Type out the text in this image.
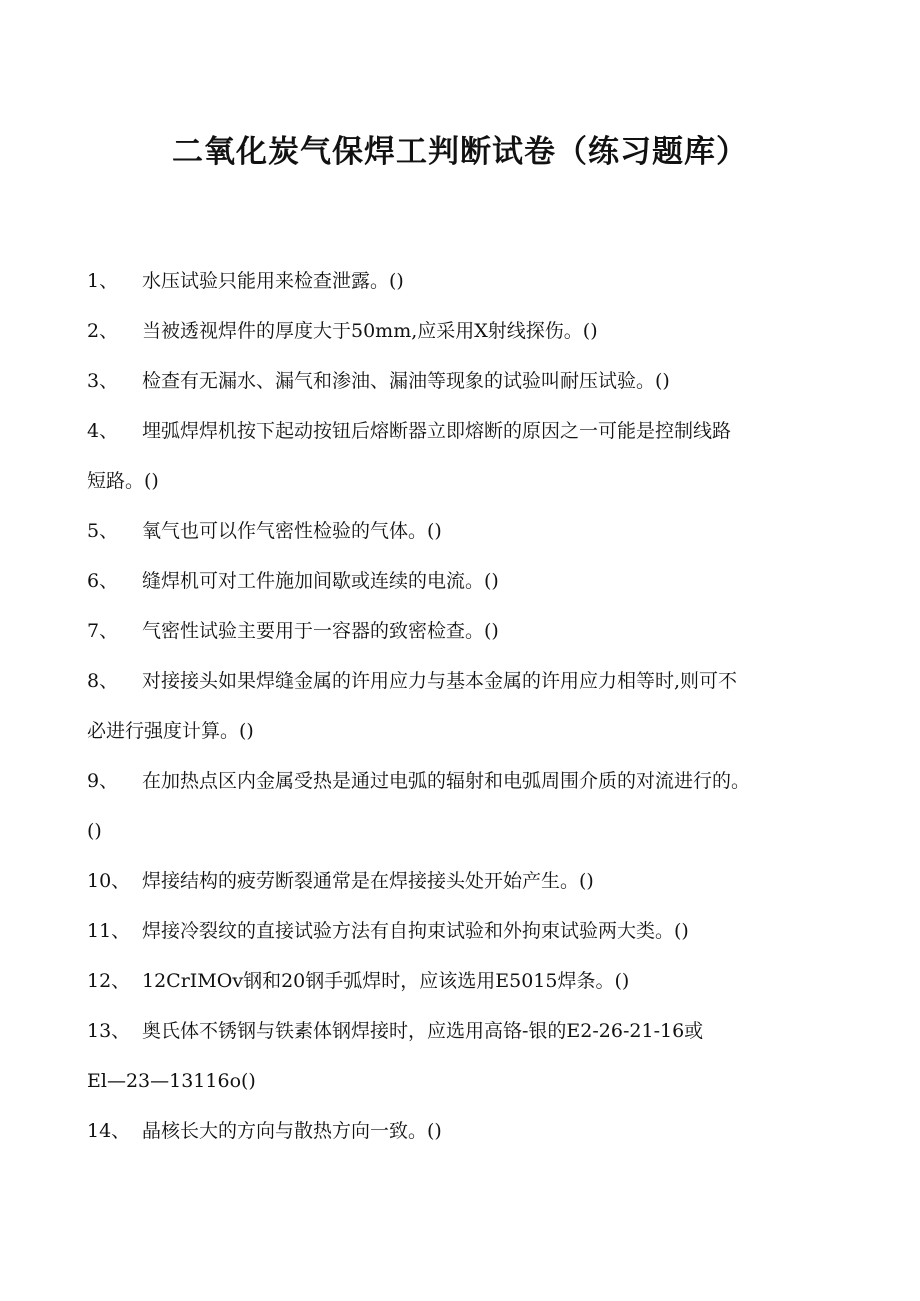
二氧化炭气保焊工判断试卷（练习题库）
1、 水压试验只能用来检查泄露。()
2、 当被透视焊件的厚度大于50mm,应采用X射线探伤。()
3、 检查有无漏水、漏气和渗油、漏油等现象的试验叫耐压试验。()
4、 埋弧焊焊机按下起动按钮后熔断器立即熔断的原因之一可能是控制线路
短路。()
5、 氧气也可以作气密性检验的气体。()
6、 缝焊机可对工件施加间歇或连续的电流。()
7、 气密性试验主要用于一容器的致密检查。()
8、 对接接头如果焊缝金属的许用应力与基本金属的许用应力相等时,则可不
必进行强度计算。()
9、 在加热点区内金属受热是通过电弧的辐射和电弧周围介质的对流进行的。
()
10、 焊接结构的疲劳断裂通常是在焊接接头处开始产生。()
11、 焊接冷裂纹的直接试验方法有自拘束试验和外拘束试验两大类。()
12、 12CrIMOv钢和20钢手弧焊时，应该选用E5015焊条。()
13、 奥氏体不锈钢与铁素体钢焊接时，应选用高铬-银的E2-26-21-16或
El—23—13116o()
14、 晶核长大的方向与散热方向一致。()
